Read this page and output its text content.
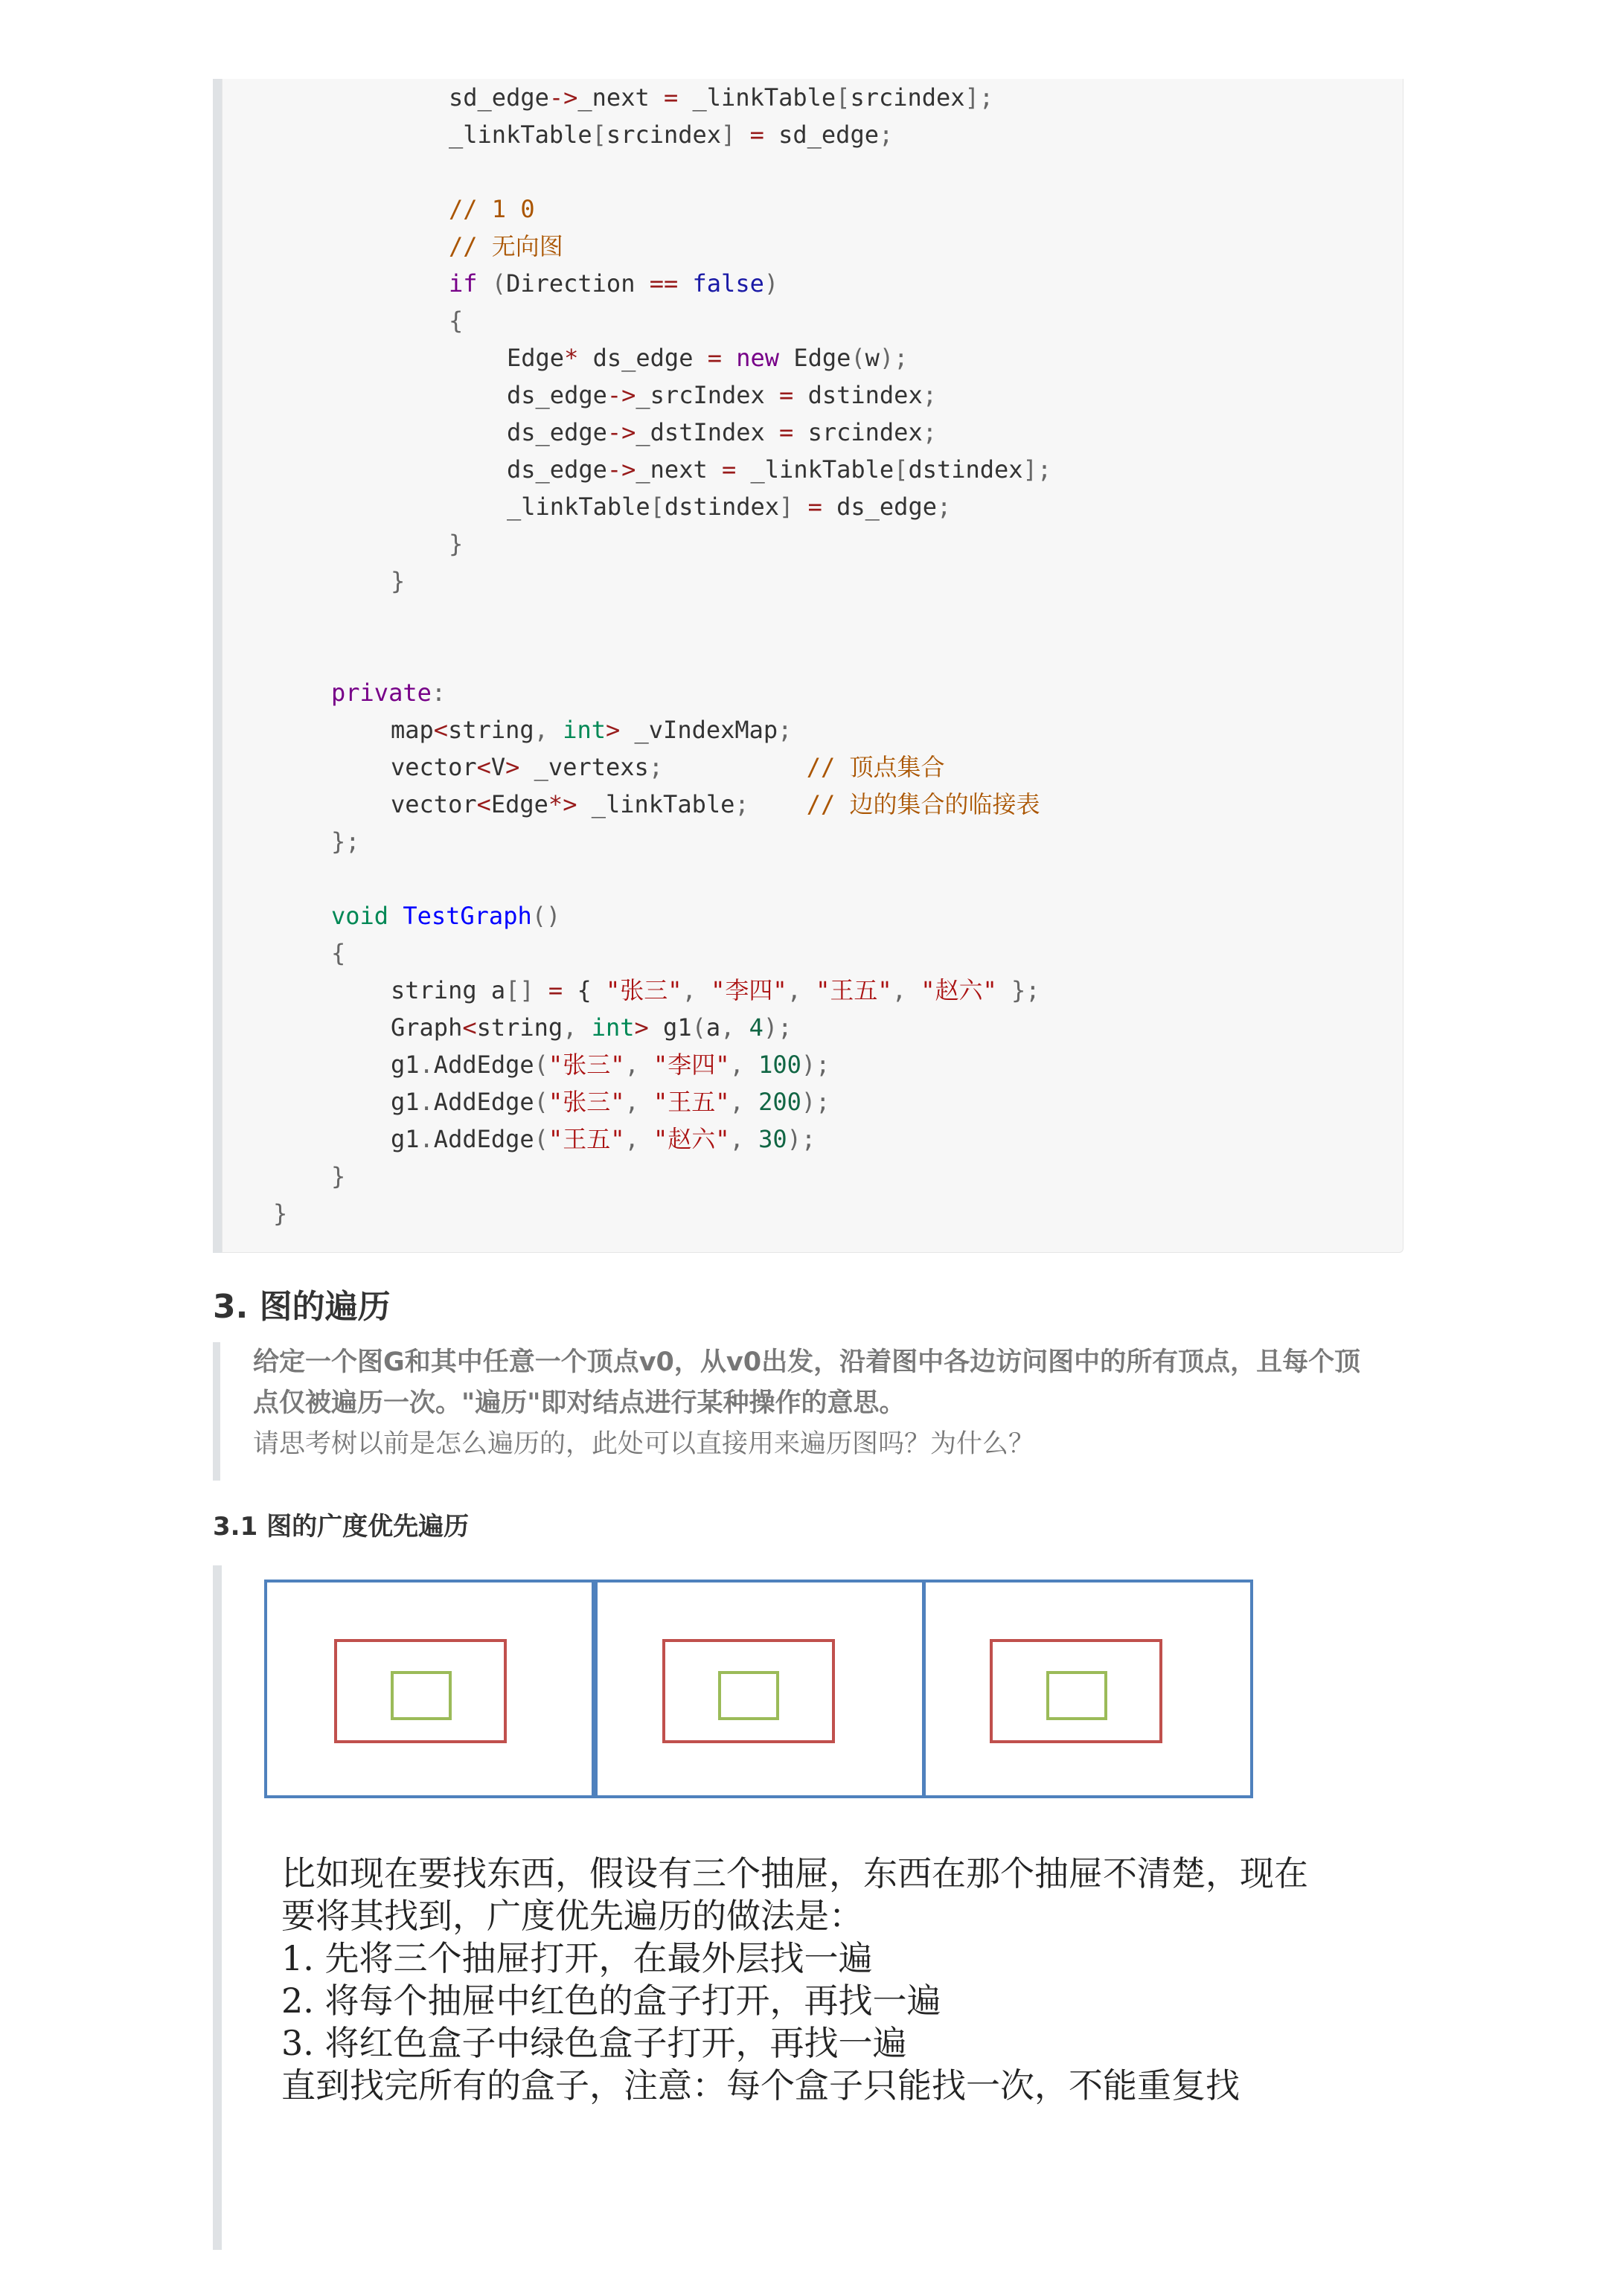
sd_edge->_next = _linkTable[srcindex];
_linkTable[srcindex] = sd_edge;
// 1 0
// 无向图
if (Direction == false)
{
Edge* ds_edge = new Edge(w);
ds_edge->_srcIndex = dstindex;
ds_edge->_dstIndex = srcindex;
ds_edge->_next = _linkTable[dstindex];
_linkTable[dstindex] = ds_edge;
}
}
private:
map<string, int> _vIndexMap;
vector<V> _vertexs;	// 顶点集合
vector<Edge*> _linkTable; // 边的集合的临接表
};
void TestGraph()
{
string a[] = { "张三", "李四", "王五", "赵六" };
Graph<string, int> g1(a, 4);
g1.AddEdge("张三", "李四", 100);
g1.AddEdge("张三", "王五", 200);
g1.AddEdge("王五", "赵六", 30);
}
}
3. 图的遍历
给定一个图G和其中任意一个顶点v0，从v0出发，沿着图中各边访问图中的所有顶点，且每个顶
点仅被遍历一次。"遍历"即对结点进行某种操作的意思。
请思考树以前是怎么遍历的，此处可以直接用来遍历图吗？为什么？
3.1 图的广度优先遍历
比如现在要找东西，假设有三个抽屉，东西在那个抽屉不清楚，现在
要将其找到，广度优先遍历的做法是：
1. 先将三个抽屉打开，在最外层找一遍
2. 将每个抽屉中红色的盒子打开，再找一遍
3. 将红色盒子中绿色盒子打开，再找一遍
直到找完所有的盒子，注意：每个盒子只能找一次，不能重复找
